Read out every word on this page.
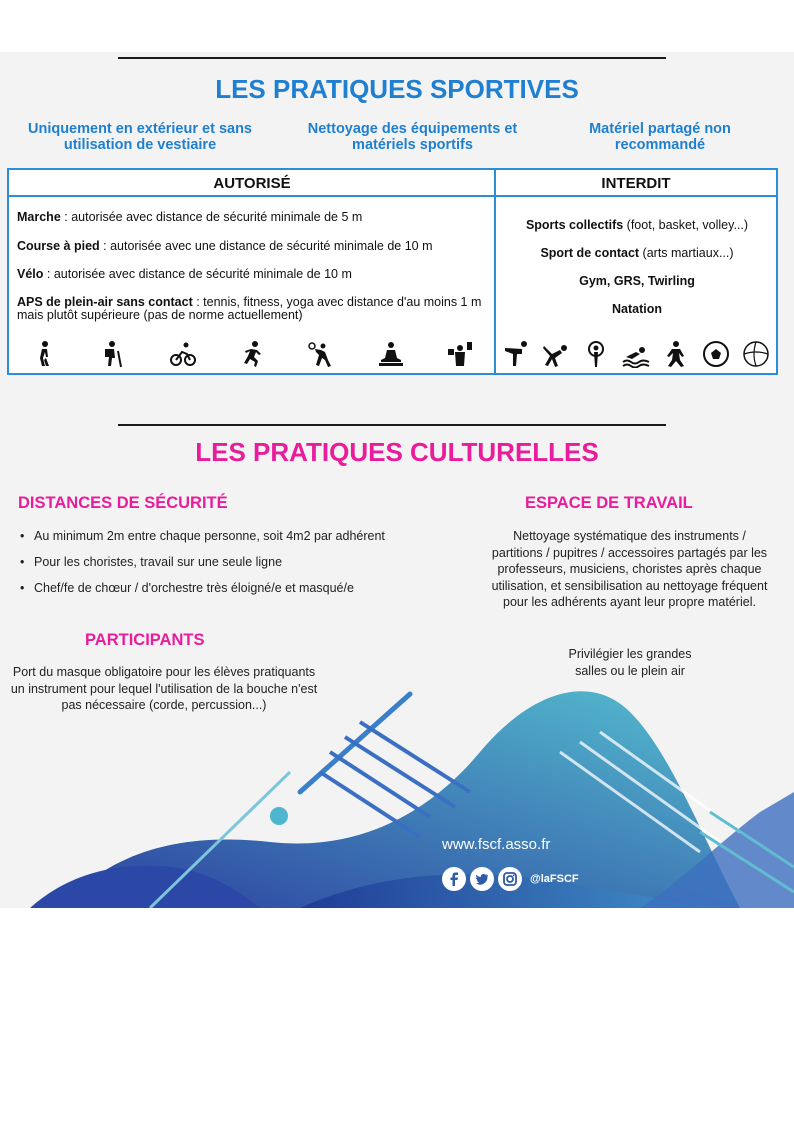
LES PRATIQUES SPORTIVES
Uniquement en extérieur et sans utilisation de vestiaire
Nettoyage des équipements et matériels sportifs
Matériel partagé non recommandé
AUTORISÉ
Marche : autorisée avec distance de sécurité minimale de 5 m
Course à pied : autorisée avec une distance de sécurité minimale de 10 m
Vélo : autorisée avec distance de sécurité minimale de 10 m
APS de plein-air sans contact : tennis, fitness, yoga avec distance d'au moins 1 m mais plutôt supérieure (pas de norme actuellement)
INTERDIT
Sports collectifs (foot, basket, volley...)
Sport de contact (arts martiaux...)
Gym, GRS, Twirling
Natation
LES PRATIQUES CULTURELLES
DISTANCES DE SÉCURITÉ
• Au minimum 2m entre chaque personne, soit 4m2 par adhérent
• Pour les choristes, travail sur une seule ligne
• Chef/fe de chœur / d'orchestre très éloigné/e et masqué/e
PARTICIPANTS
Port du masque obligatoire pour les élèves pratiquants un instrument pour lequel l'utilisation de la bouche n'est pas nécessaire (corde, percussion...)
ESPACE DE TRAVAIL
Nettoyage systématique des instruments / partitions / pupitres / accessoires partagés par les professeurs, musiciens, choristes après chaque utilisation, et sensibilisation au nettoyage fréquent pour les adhérents ayant leur propre matériel.
Privilégier les grandes salles ou le plein air
www.fscf.asso.fr
@laFSCF
